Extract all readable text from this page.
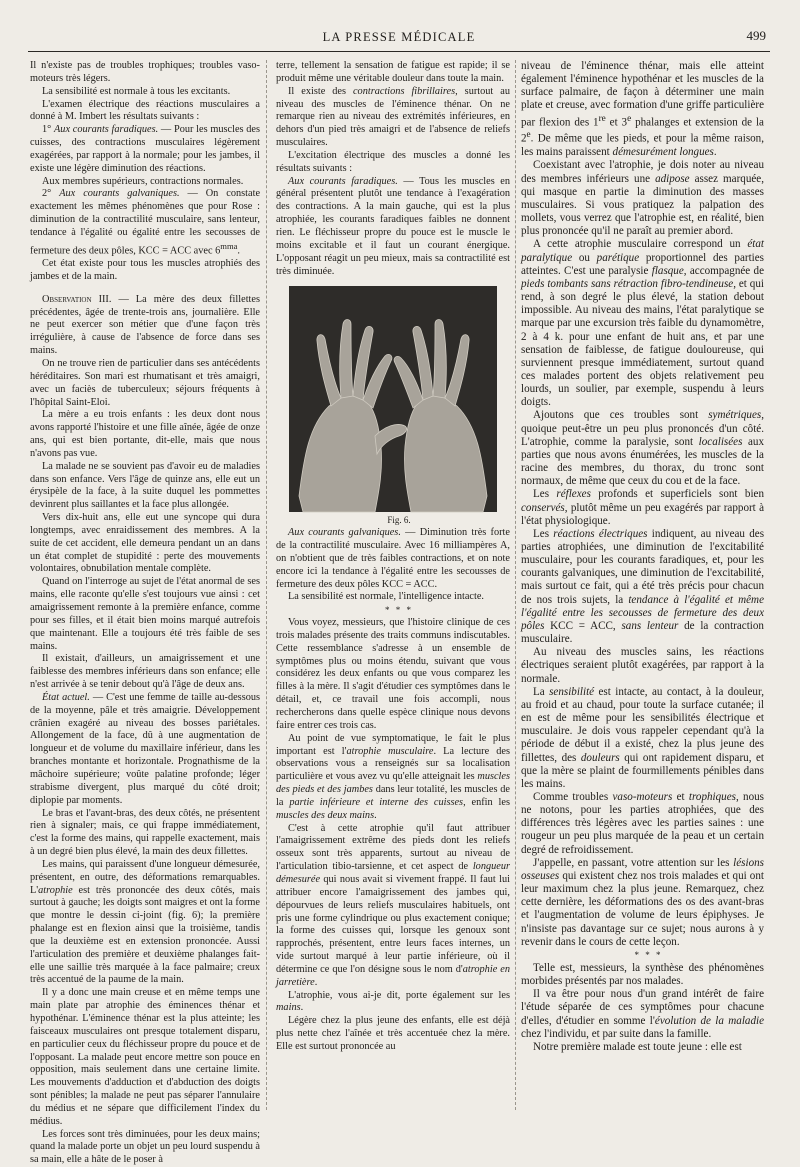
LA PRESSE MÉDICALE	499

Il n'existe pas de troubles trophiques; troubles vaso-moteurs très légers.

La sensibilité est normale à tous les excitants.

L'examen électrique des réactions musculaires a donné à M. Imbert les résultats suivants :

1° Aux courants faradiques. — Pour les muscles des cuisses, des contractions musculaires légèrement exagérées, par rapport à la normale; pour les jambes, il existe une légère diminution des réactions.

Aux membres supérieurs, contractions normales.

2° Aux courants galvaniques. — On constate exactement les mêmes phénomènes que pour Rose : diminution de la contractilité musculaire, sans lenteur, tendance à l'égalité ou égalité entre les secousses de fermeture des deux pôles, KCC = ACC avec $6^{mma}$.

Cet état existe pour tous les muscles atrophiés des jambes et de la main.

Observation III. — La mère des deux fillettes précédentes, âgée de trente-trois ans, journalière. Elle ne peut exercer son métier que d'une façon très irrégulière, à cause de l'absence de force dans ses mains.

On ne trouve rien de particulier dans ses antécédents héréditaires. Son mari est rhumatisant et très amaigri, avec un faciès de tuberculeux; séjours fréquents à l'hôpital Saint-Eloi.

La mère a eu trois enfants : les deux dont nous avons rapporté l'histoire et une fille aînée, âgée de onze ans, qui est bien portante, dit-elle, mais que nous n'avons pas vue.

La malade ne se souvient pas d'avoir eu de maladies dans son enfance. Vers l'âge de quinze ans, elle eut un érysipèle de la face, à la suite duquel les pommettes devinrent plus saillantes et la face plus allongée.

Vers dix-huit ans, elle eut une syncope qui dura longtemps, avec enraidissement des membres. A la suite de cet accident, elle demeura pendant un an dans un état complet de stupidité : perte des mouvements volontaires, obnubilation mentale complète.

Quand on l'interroge au sujet de l'état anormal de ses mains, elle raconte qu'elle s'est toujours vue ainsi : cet amaigrissement remonte à la première enfance, comme pour ses filles, et il était bien moins marqué autrefois que maintenant. Elle a toujours été très faible de ses mains.

Il existait, d'ailleurs, un amaigrissement et une faiblesse des membres inférieurs dans son enfance; elle n'est arrivée à se tenir debout qu'à l'âge de deux ans.

État actuel. — C'est une femme de taille au-dessous de la moyenne, pâle et très amaigrie. Développement crânien exagéré au niveau des bosses pariétales. Allongement de la face, dû à une augmentation de longueur et de volume du maxillaire inférieur, dans les branches montante et horizontale. Prognathisme de la mâchoire supérieure; voûte palatine profonde; léger strabisme divergent, plus marqué du côté droit; diplopie par moments.

Le bras et l'avant-bras, des deux côtés, ne présentent rien à signaler; mais, ce qui frappe immédiatement, c'est la forme des mains, qui rappelle exactement, mais à un degré bien plus élevé, la main des deux fillettes.

Les mains, qui paraissent d'une longueur démesurée, présentent, en outre, des déformations remarquables. L'atrophie est très prononcée des deux côtés, mais surtout à gauche; les doigts sont maigres et ont la forme que montre le dessin ci-joint (fig. 6); la première phalange est en flexion ainsi que la troisième, tandis que la deuxième est en extension prononcée. Aussi l'articulation des première et deuxième phalanges fait-elle une saillie très marquée à la face palmaire; creux très accentué de la paume de la main.

Il y a donc une main creuse et en même temps une main plate par atrophie des éminences thénar et hypothénar. L'éminence thénar est la plus atteinte; les faisceaux musculaires ont presque totalement disparu, en particulier ceux du fléchisseur propre du pouce et de l'opposant. La malade peut encore mettre son pouce en opposition, mais seulement dans une certaine limite. Les mouvements d'adduction et d'abduction des doigts sont pénibles; la malade ne peut pas séparer l'annulaire du médius et ne sépare que difficilement l'index du médius.

Les forces sont très diminuées, pour les deux mains; quand la malade porte un objet un peu lourd suspendu à sa main, elle a hâte de le poser à

terre, tellement la sensation de fatigue est rapide; il se produit même une véritable douleur dans toute la main.

Il existe des contractions fibrillaires, surtout au niveau des muscles de l'éminence thénar. On ne remarque rien au niveau des extrémités inférieures, en dehors d'un pied très amaigri et de l'absence de reliefs musculaires.

L'excitation électrique des muscles a donné les résultats suivants :

Aux courants faradiques. — Tous les muscles en général présentent plutôt une tendance à l'exagération des contractions. A la main gauche, qui est la plus atrophiée, les courants faradiques faibles ne donnent rien. Le fléchisseur propre du pouce est le muscle le moins excitable et il faut un courant énergique. L'opposant réagit un peu mieux, mais sa contractilité est très diminuée.

Fig. 6.

Aux courants galvaniques. — Diminution très forte de la contractilité musculaire. Avec 16 milliampères A, on n'obtient que de très faibles contractions, et on note encore ici la tendance à l'égalité entre les secousses de fermeture des deux pôles KCC = ACC.

La sensibilité est normale, l'intelligence intacte.

* * *

Vous voyez, messieurs, que l'histoire clinique de ces trois malades présente des traits communs indiscutables. Cette ressemblance s'adresse à un ensemble de symptômes plus ou moins étendu, suivant que vous considérez les deux enfants ou que vous comparez les filles à la mère. Il s'agit d'étudier ces symptômes dans le détail, et, ce travail une fois accompli, nous rechercherons dans quelle espèce clinique nous devons faire entrer ces trois cas.

Au point de vue symptomatique, le fait le plus important est l'atrophie musculaire. La lecture des observations vous a renseignés sur sa localisation particulière et vous avez vu qu'elle atteignait les muscles des pieds et des jambes dans leur totalité, les muscles de la partie inférieure et interne des cuisses, enfin les muscles des deux mains.

C'est à cette atrophie qu'il faut attribuer l'amaigrissement extrême des pieds dont les reliefs osseux sont très apparents, surtout au niveau de l'articulation tibio-tarsienne, et cet aspect de longueur démesurée qui nous avait si vivement frappé. Il faut lui attribuer encore l'amaigrissement des jambes qui, dépourvues de leurs reliefs musculaires habituels, ont pris une forme cylindrique ou plus exactement conique; la forme des cuisses qui, lorsque les genoux sont rapprochés, présentent, entre leurs faces internes, un vide surtout marqué à leur partie inférieure, où il détermine ce que l'on désigne sous le nom d'atrophie en jarretière.

L'atrophie, vous ai-je dit, porte également sur les mains.

Légère chez la plus jeune des enfants, elle est déjà plus nette chez l'aînée et très accentuée chez la mère. Elle est surtout prononcée au

niveau de l'éminence thénar, mais elle atteint également l'éminence hypothénar et les muscles de la surface palmaire, de façon à déterminer une main plate et creuse, avec formation d'une griffe particulière par flexion des 1re et 3e phalanges et extension de la 2e. De même que les pieds, et pour la même raison, les mains paraissent démesurément longues.

Coexistant avec l'atrophie, je dois noter au niveau des membres inférieurs une adipose assez marquée, qui masque en partie la diminution des masses musculaires. Si vous pratiquez la palpation des mollets, vous verrez que l'atrophie est, en réalité, bien plus prononcée qu'il ne paraît au premier abord.

A cette atrophie musculaire correspond un état paralytique ou parétique proportionnel des parties atteintes. C'est une paralysie flasque, accompagnée de pieds tombants sans rétraction fibro-tendineuse, et qui rend, à son degré le plus élevé, la station debout impossible. Au niveau des mains, l'état paralytique se marque par une excursion très faible du dynamomètre, 2 à 4 k. pour une enfant de huit ans, et par une sensation de faiblesse, de fatigue douloureuse, qui surviennent presque immédiatement, surtout quand ces malades portent des objets relativement peu lourds, un soulier, par exemple, suspendu à leurs doigts.

Ajoutons que ces troubles sont symétriques, quoique peut-être un peu plus prononcés d'un côté. L'atrophie, comme la paralysie, sont localisées aux parties que nous avons énumérées, les muscles de la racine des membres, du thorax, du tronc sont normaux, de même que ceux du cou et de la face.

Les réflexes profonds et superficiels sont bien conservés, plutôt même un peu exagérés par rapport à l'état physiologique.

Les réactions électriques indiquent, au niveau des parties atrophiées, une diminution de l'excitabilité musculaire, pour les courants faradiques, et, pour les courants galvaniques, une diminution de l'excitabilité, mais surtout ce fait, qui a été très précis pour chacun de nos trois sujets, la tendance à l'égalité et même l'égalité entre les secousses de fermeture des deux pôles KCC = ACC, sans lenteur de la contraction musculaire.

Au niveau des muscles sains, les réactions électriques seraient plutôt exagérées, par rapport à la normale.

La sensibilité est intacte, au contact, à la douleur, au froid et au chaud, pour toute la surface cutanée; il en est de même pour les sensibilités électrique et musculaire. Je dois vous rappeler cependant qu'à la période de début il a existé, chez la plus jeune des fillettes, des douleurs qui ont rapidement disparu, et que la mère se plaint de fourmillements pénibles dans les mains.

Comme troubles vaso-moteurs et trophiques, nous ne notons, pour les parties atrophiées, que des différences très légères avec les parties saines : une rougeur un peu plus marquée de la peau et un certain degré de refroidissement.

J'appelle, en passant, votre attention sur les lésions osseuses qui existent chez nos trois malades et qui ont leur maximum chez la plus jeune. Remarquez, chez cette dernière, les déformations des os des avant-bras et l'augmentation de volume de leurs épiphyses. Je n'insiste pas davantage sur ce sujet; nous aurons à y revenir dans le cours de cette leçon.

* * *

Telle est, messieurs, la synthèse des phénomènes morbides présentés par nos malades.

Il va être pour nous d'un grand intérêt de faire l'étude séparée de ces symptômes pour chacune d'elles, d'étudier en somme l'évolution de la maladie chez l'individu, et par suite dans la famille.

Notre première malade est toute jeune : elle est
